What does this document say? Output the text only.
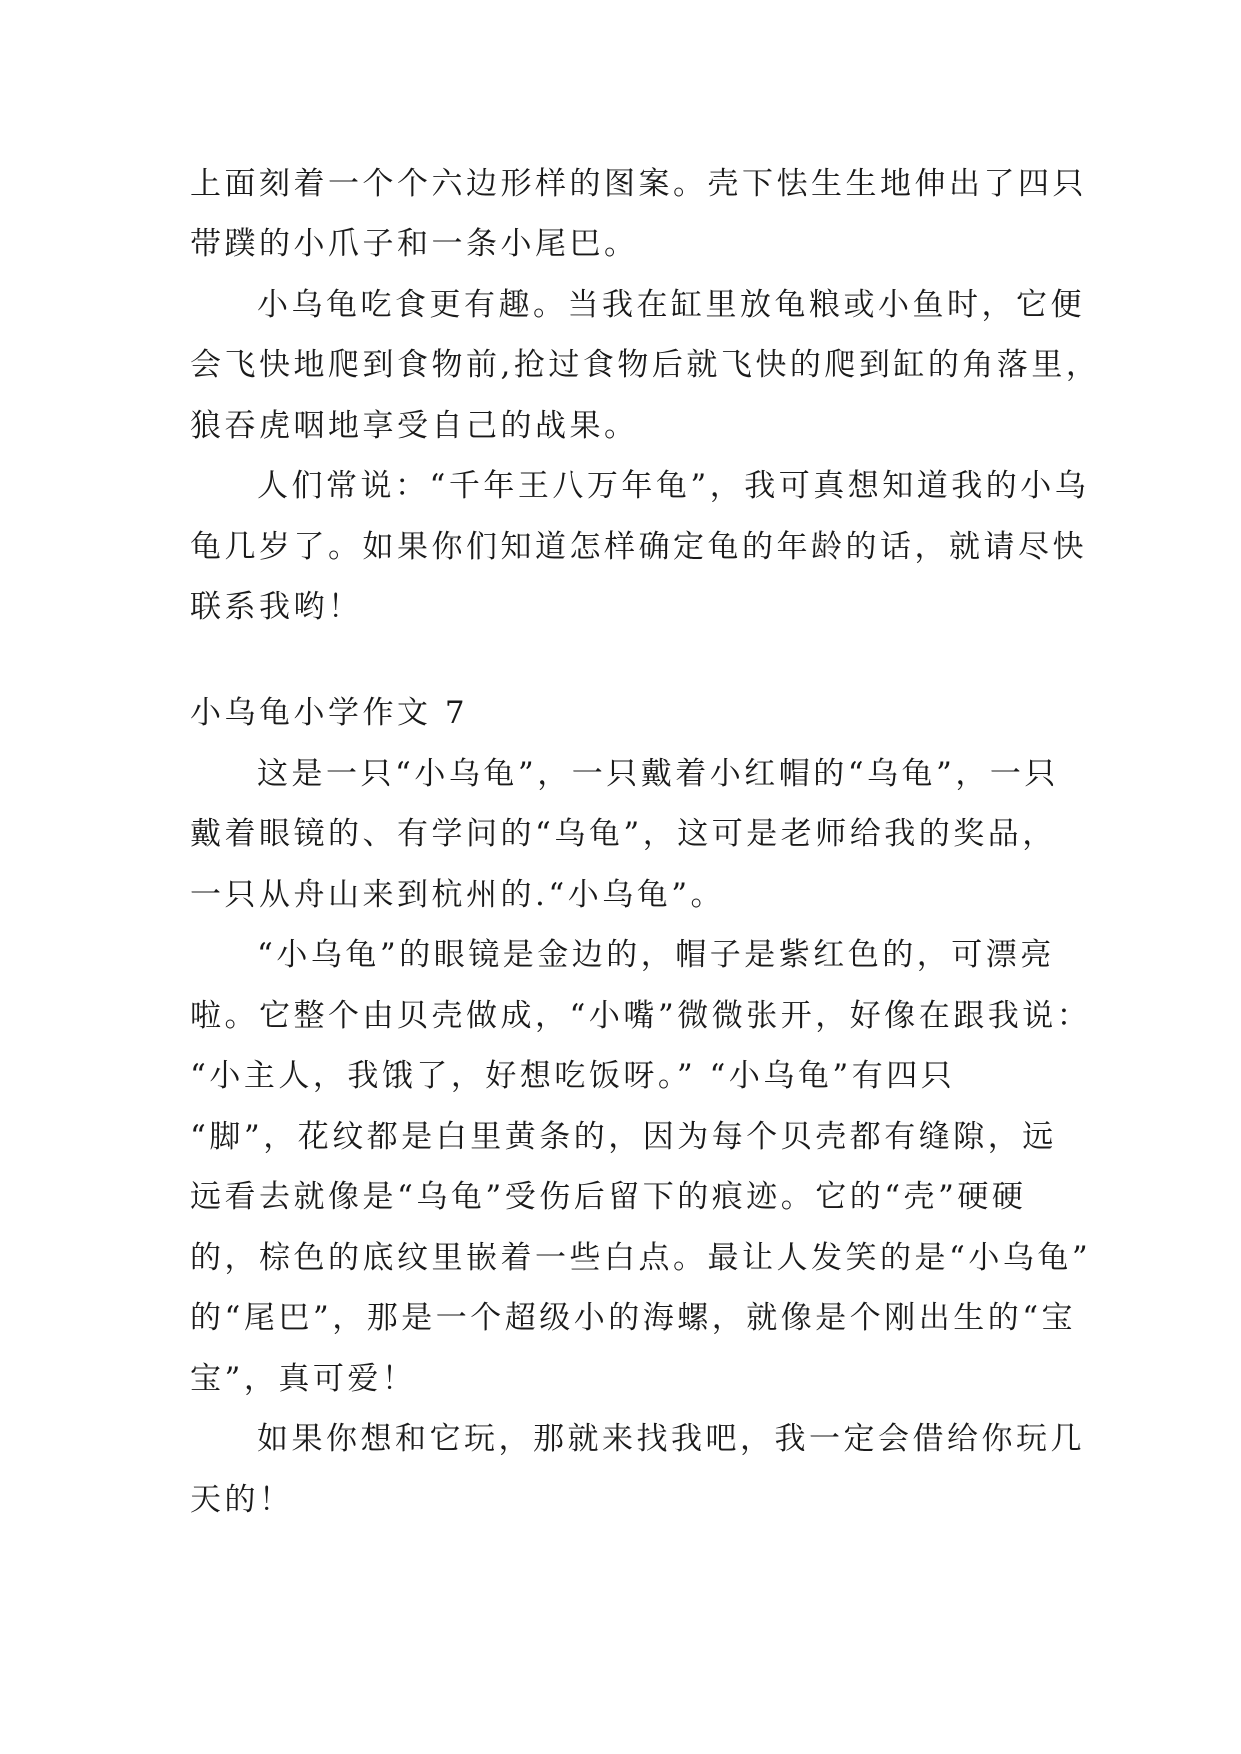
上面刻着一个个六边形样的图案。壳下怯生生地伸出了四只
带蹼的小爪子和一条小尾巴。
小乌龟吃食更有趣。当我在缸里放龟粮或小鱼时，它便
会飞快地爬到食物前,抢过食物后就飞快的爬到缸的角落里，
狼吞虎咽地享受自己的战果。
人们常说：“千年王八万年龟”，我可真想知道我的小乌
龟几岁了。如果你们知道怎样确定龟的年龄的话，就请尽快
联系我哟！
小乌龟小学作文 7
这是一只“小乌龟”，一只戴着小红帽的“乌龟”，一只
戴着眼镜的、有学问的“乌龟”，这可是老师给我的奖品，
一只从舟山来到杭州的.“小乌龟”。
“小乌龟”的眼镜是金边的，帽子是紫红色的，可漂亮
啦。它整个由贝壳做成，“小嘴”微微张开，好像在跟我说：
“小主人，我饿了，好想吃饭呀。” “小乌龟”有四只
“脚”，花纹都是白里黄条的，因为每个贝壳都有缝隙，远
远看去就像是“乌龟”受伤后留下的痕迹。它的“壳”硬硬
的，棕色的底纹里嵌着一些白点。最让人发笑的是“小乌龟”
的“尾巴”，那是一个超级小的海螺，就像是个刚出生的“宝
宝”，真可爱！
如果你想和它玩，那就来找我吧，我一定会借给你玩几
天的！
